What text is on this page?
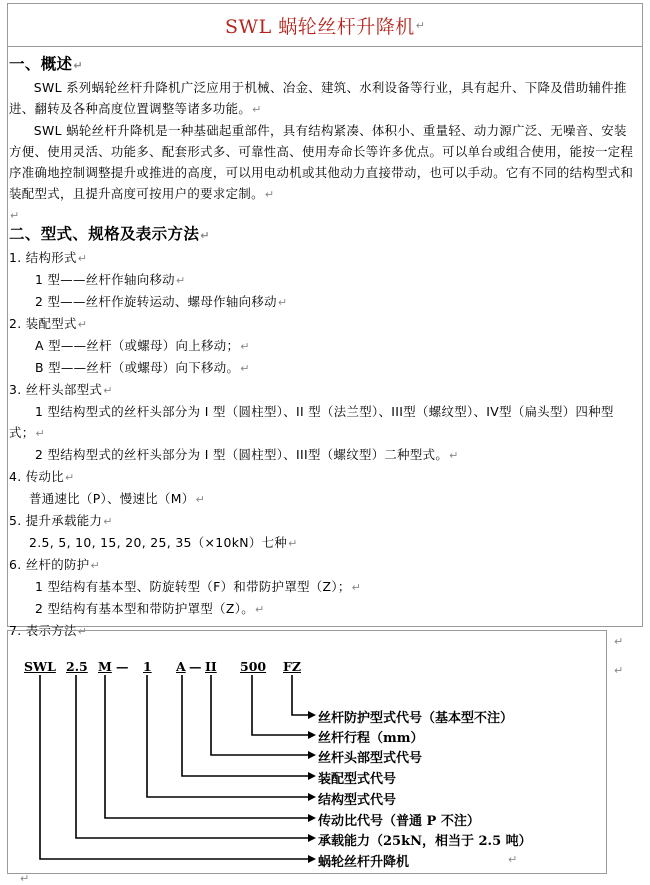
SWL 蜗轮丝杆升降机 ↵
一、概述↵

SWL 系列蜗轮丝杆升降机广泛应用于机械、冶金、建筑、水利设备等行业，具有起升、下降及借助辅件推进、翻转及各种高度位置调整等诸多功能。↵

SWL 蜗轮丝杆升降机是一种基础起重部件，具有结构紧凑、体积小、重量轻、动力源广泛、无噪音、安装方便、使用灵活、功能多、配套形式多、可靠性高、使用寿命长等许多优点。可以单台或组合使用，能按一定程序准确地控制调整提升或推进的高度，可以用电动机或其他动力直接带动，也可以手动。它有不同的结构型式和装配型式，且提升高度可按用户的要求定制。↵

↵
二、型式、规格及表示方法↵
1. 结构形式↵
1 型——丝杆作轴向移动↵
2 型——丝杆作旋转运动、螺母作轴向移动↵
2. 装配型式↵
A 型——丝杆（或螺母）向上移动；↵
B 型——丝杆（或螺母）向下移动。↵
3. 丝杆头部型式↵
1 型结构型式的丝杆头部分为 I 型（圆柱型）、II 型（法兰型）、III型（螺纹型）、IV型（扁头型）四种型式；↵
2 型结构型式的丝杆头部分为 I 型（圆柱型）、III型（螺纹型）二种型式。↵
4. 传动比↵
普通速比（P）、慢速比（M）↵
5. 提升承载能力↵
2.5, 5, 10, 15, 20, 25, 35（×10kN）七种↵
6. 丝杆的防护↵
1 型结构有基本型、防旋转型（F）和带防护罩型（Z）；↵
2 型结构有基本型和带防护罩型（Z）。↵
7. 表示方法↵
SWL 2.5 M — 1 A — II 500 FZ
丝杆防护型式代号（基本型不注）
丝杆行程（mm）
丝杆头部型式代号
装配型式代号
结构型式代号
传动比代号（普通 P 不注）
承载能力（25kN，相当于 2.5 吨）
蜗轮丝杆升降机
↵
↵
↵
↵
